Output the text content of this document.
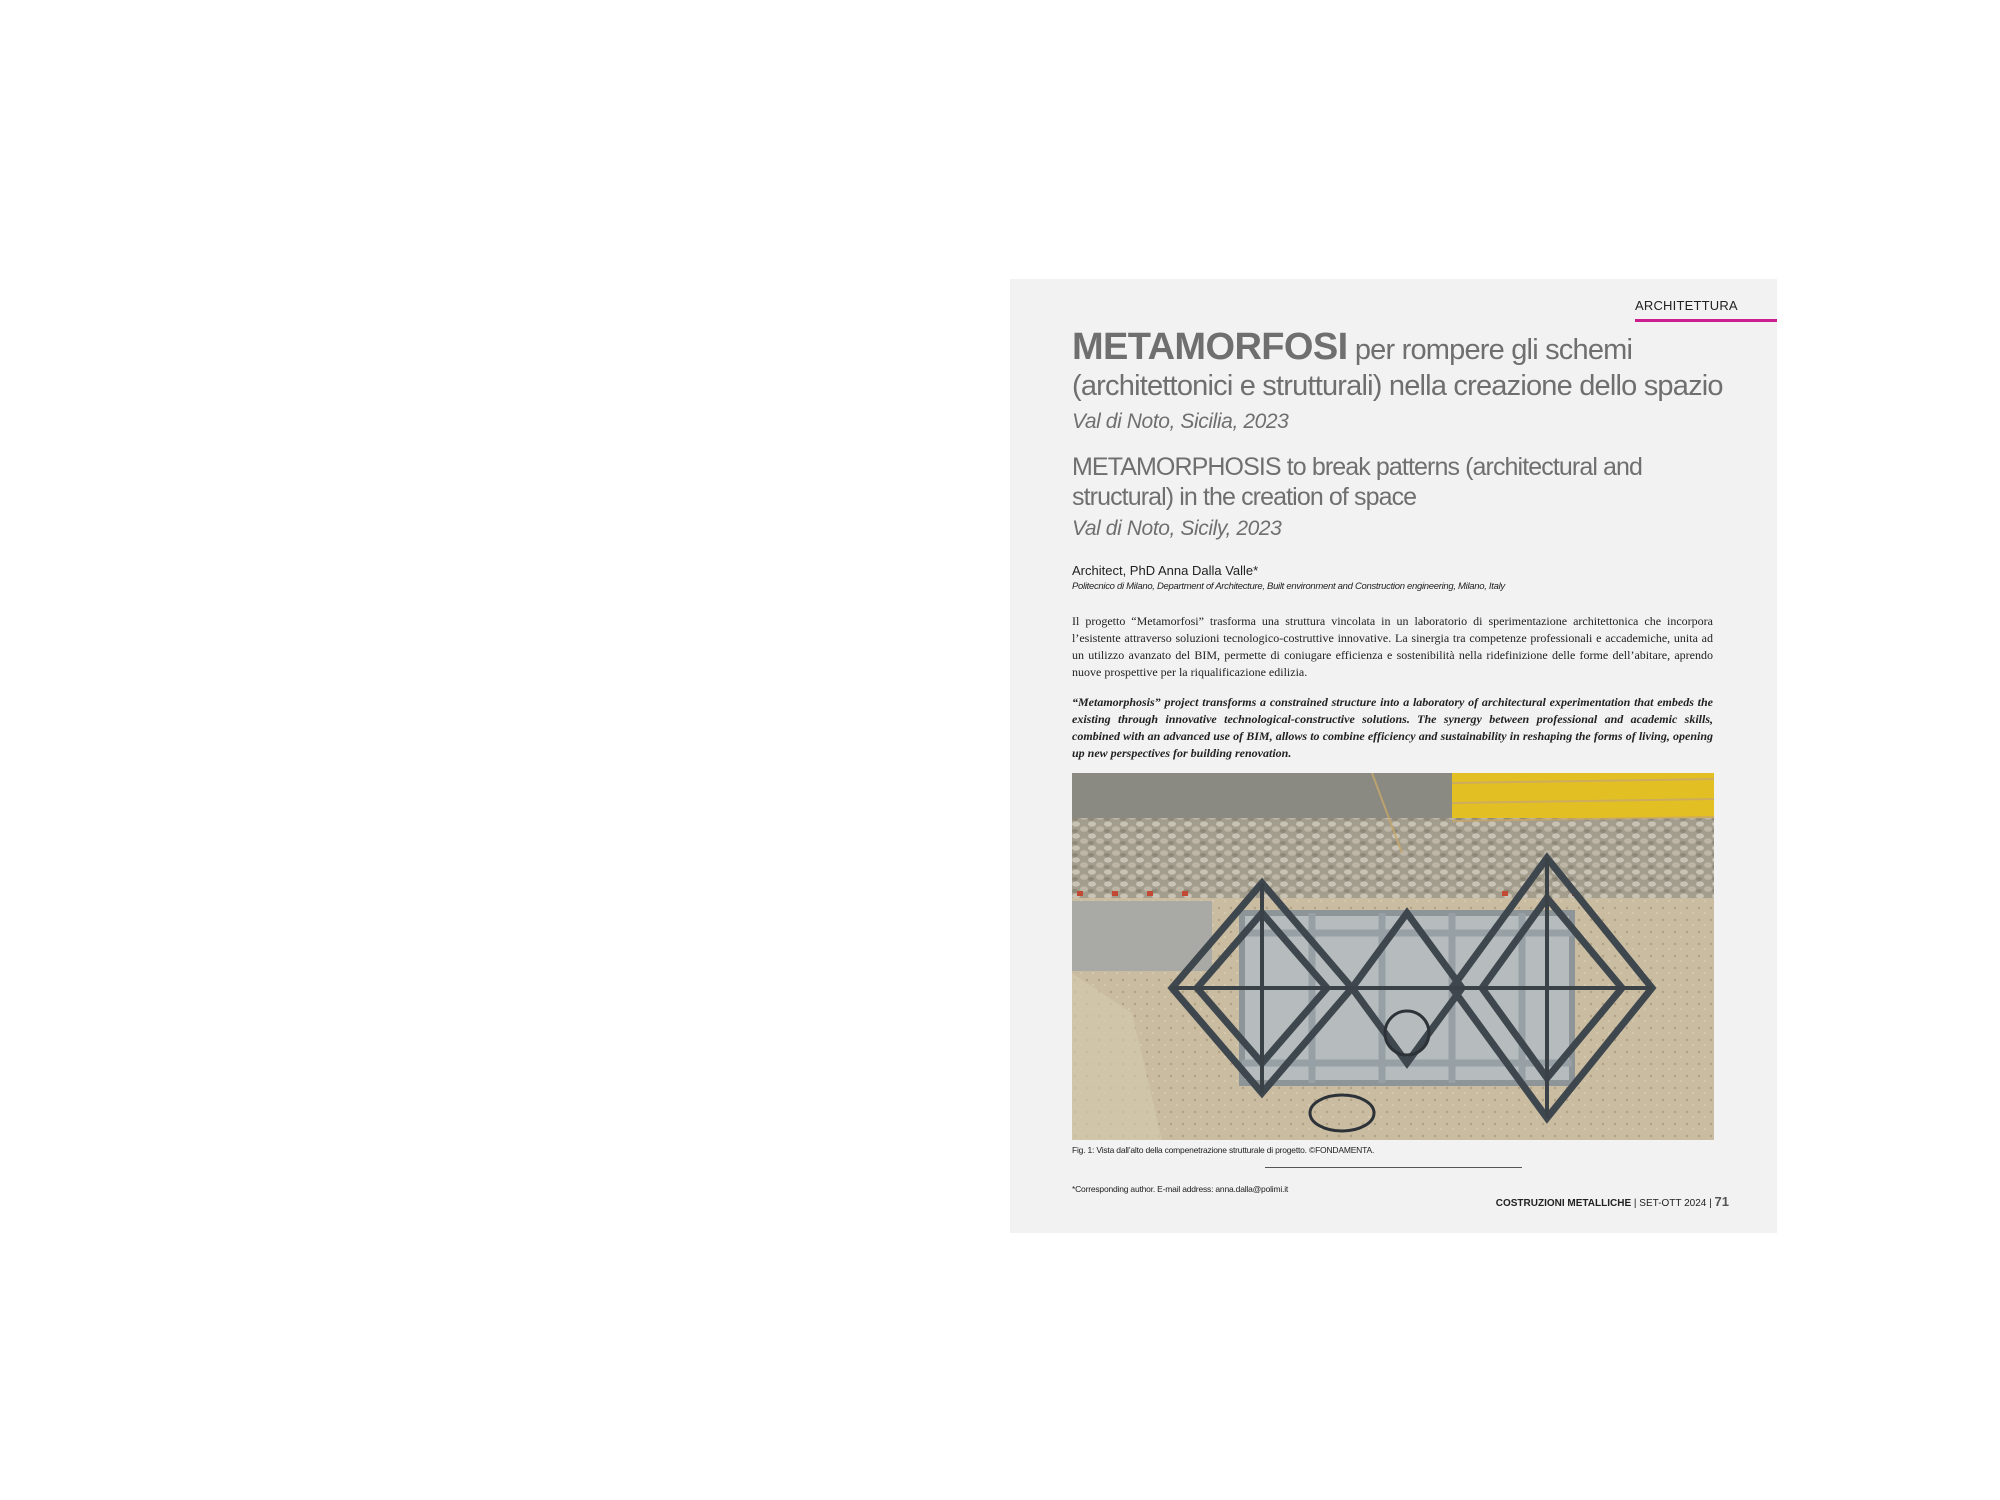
ARCHITETTURA
METAMORFOSI per rompere gli schemi (architettonici e strutturali) nella creazione dello spazio
Val di Noto, Sicilia, 2023
METAMORPHOSIS to break patterns (architectural and structural) in the creation of space
Val di Noto, Sicily, 2023
Architect, PhD Anna Dalla Valle*
Politecnico di Milano, Department of Architecture, Built environment and Construction engineering, Milano, Italy
Il progetto “Metamorfosi” trasforma una struttura vincolata in un laboratorio di sperimentazione architettonica che incorpora l’esistente attraverso soluzioni tecnologico-costruttive innovative. La sinergia tra competenze professionali e accademiche, unita ad un utilizzo avanzato del BIM, permette di coniugare efficienza e sostenibilità nella ridefinizione delle forme dell’abitare, aprendo nuove prospettive per la riqualificazione edilizia.
“Metamorphosis” project transforms a constrained structure into a laboratory of architectural experimentation that embeds the existing through innovative technological-constructive solutions. The synergy between professional and academic skills, combined with an advanced use of BIM, allows to combine efficiency and sustainability in reshaping the forms of living, opening up new perspectives for building renovation.
Fig. 1: Vista dall’alto della compenetrazione strutturale di progetto. ©FONDAMENTA.
*Corresponding author. E-mail address: anna.dalla@polimi.it
COSTRUZIONI METALLICHE | SET-OTT 2024 | 71
